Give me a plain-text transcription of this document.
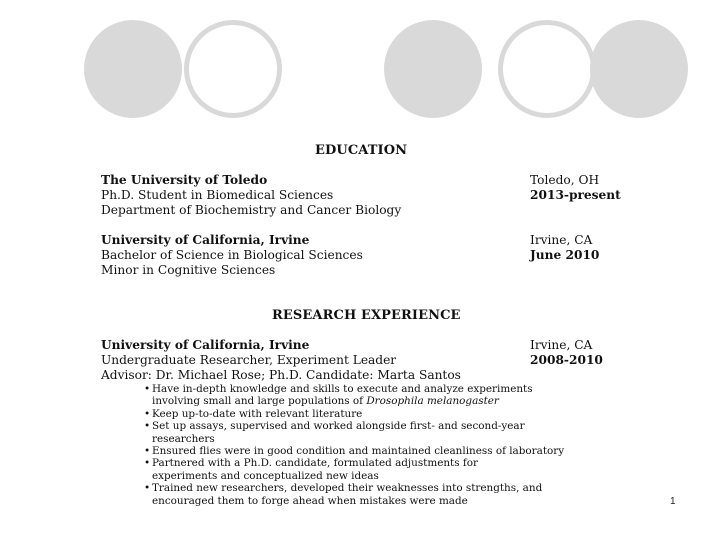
EDUCATION
The University of Toledo
Ph.D. Student in Biomedical Sciences
Department of Biochemistry and Cancer Biology
Toledo, OH
2013-present
University of California, Irvine
Bachelor of Science in Biological Sciences
Minor in Cognitive Sciences
Irvine, CA
June 2010
RESEARCH EXPERIENCE
University of California, Irvine
Undergraduate Researcher, Experiment Leader
Advisor: Dr. Michael Rose; Ph.D. Candidate: Marta Santos
Irvine, CA
2008-2010
• Have in-depth knowledge and skills to execute and analyze experiments
involving small and large populations of Drosophila melanogaster
• Keep up-to-date with relevant literature
• Set up assays, supervised and worked alongside first- and second-year researchers
• Ensured flies were in good condition and maintained cleanliness of laboratory
• Partnered with a Ph.D. candidate, formulated adjustments for
experiments and conceptualized new ideas
• Trained new researchers, developed their weaknesses into strengths, and
encouraged them to forge ahead when mistakes were made	1
